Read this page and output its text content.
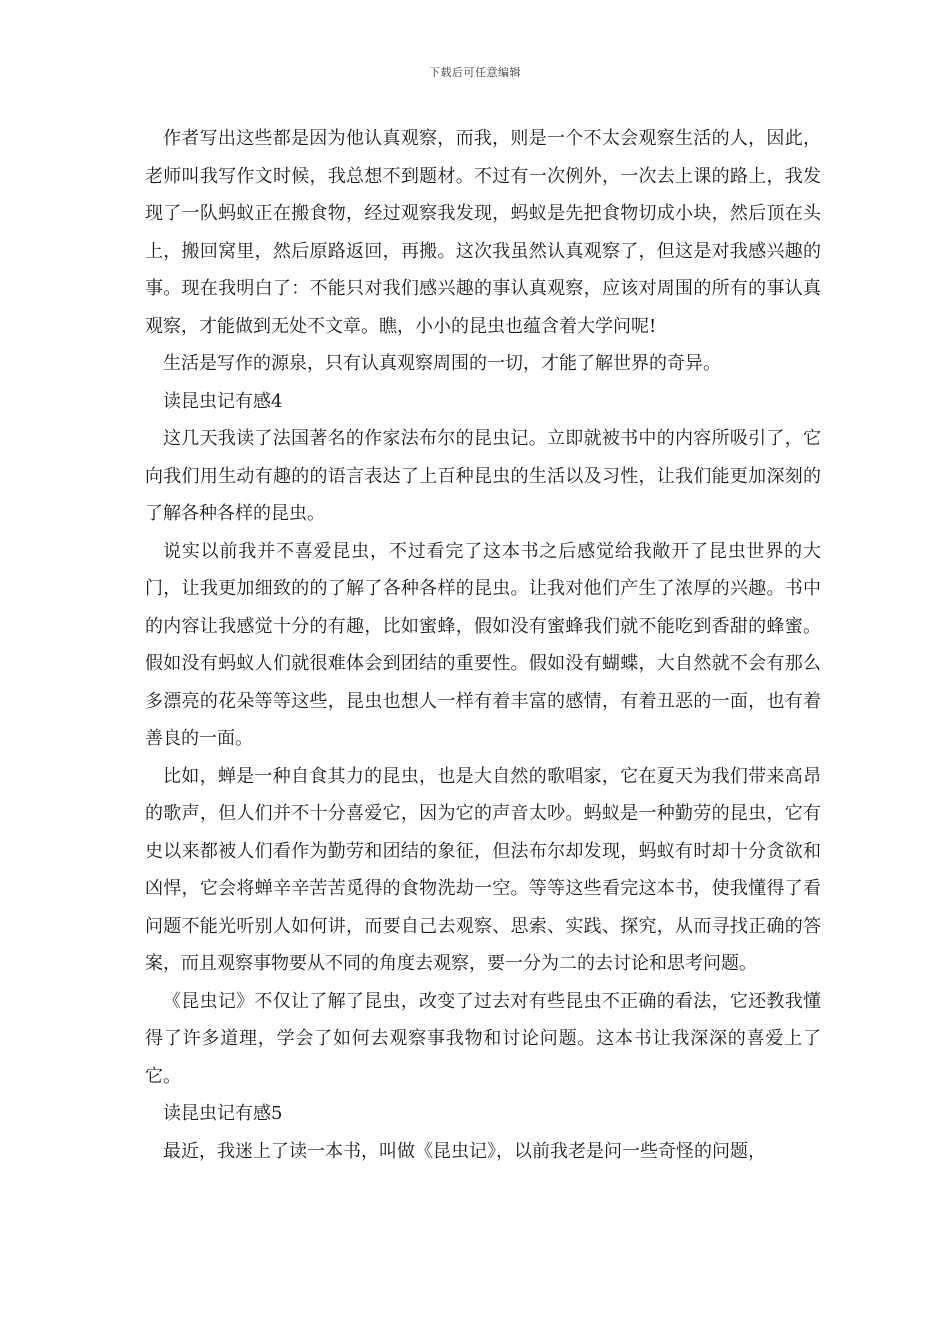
下载后可任意编辑

作者写出这些都是因为他认真观察，而我，则是一个不太会观察生活的人，因此，老师叫我写作文时候，我总想不到题材。不过有一次例外，一次去上课的路上，我发现了一队蚂蚁正在搬食物，经过观察我发现，蚂蚁是先把食物切成小块，然后顶在头上，搬回窝里，然后原路返回，再搬。这次我虽然认真观察了，但这是对我感兴趣的事。现在我明白了：不能只对我们感兴趣的事认真观察，应该对周围的所有的事认真观察，才能做到无处不文章。瞧，小小的昆虫也蕴含着大学问呢!

生活是写作的源泉，只有认真观察周围的一切，才能了解世界的奇异。

读昆虫记有感4

这几天我读了法国著名的作家法布尔的昆虫记。立即就被书中的内容所吸引了，它向我们用生动有趣的的语言表达了上百种昆虫的生活以及习性，让我们能更加深刻的了解各种各样的昆虫。

说实以前我并不喜爱昆虫，不过看完了这本书之后感觉给我敞开了昆虫世界的大门，让我更加细致的的了解了各种各样的昆虫。让我对他们产生了浓厚的兴趣。书中的内容让我感觉十分的有趣，比如蜜蜂，假如没有蜜蜂我们就不能吃到香甜的蜂蜜。假如没有蚂蚁人们就很难体会到团结的重要性。假如没有蝴蝶，大自然就不会有那么多漂亮的花朵等等这些，昆虫也想人一样有着丰富的感情，有着丑恶的一面，也有着善良的一面。

比如，蝉是一种自食其力的昆虫，也是大自然的歌唱家，它在夏天为我们带来高昂的歌声，但人们并不十分喜爱它，因为它的声音太吵。蚂蚁是一种勤劳的昆虫，它有史以来都被人们看作为勤劳和团结的象征，但法布尔却发现，蚂蚁有时却十分贪欲和凶悍，它会将蝉辛辛苦苦觅得的食物洗劫一空。等等这些看完这本书，使我懂得了看问题不能光听别人如何讲，而要自己去观察、思索、实践、探究，从而寻找正确的答案，而且观察事物要从不同的角度去观察，要一分为二的去讨论和思考问题。

《昆虫记》不仅让了解了昆虫，改变了过去对有些昆虫不正确的看法，它还教我懂得了许多道理，学会了如何去观察事我物和讨论问题。这本书让我深深的喜爱上了它。

读昆虫记有感5

最近，我迷上了读一本书，叫做《昆虫记》，以前我老是问一些奇怪的问题，
